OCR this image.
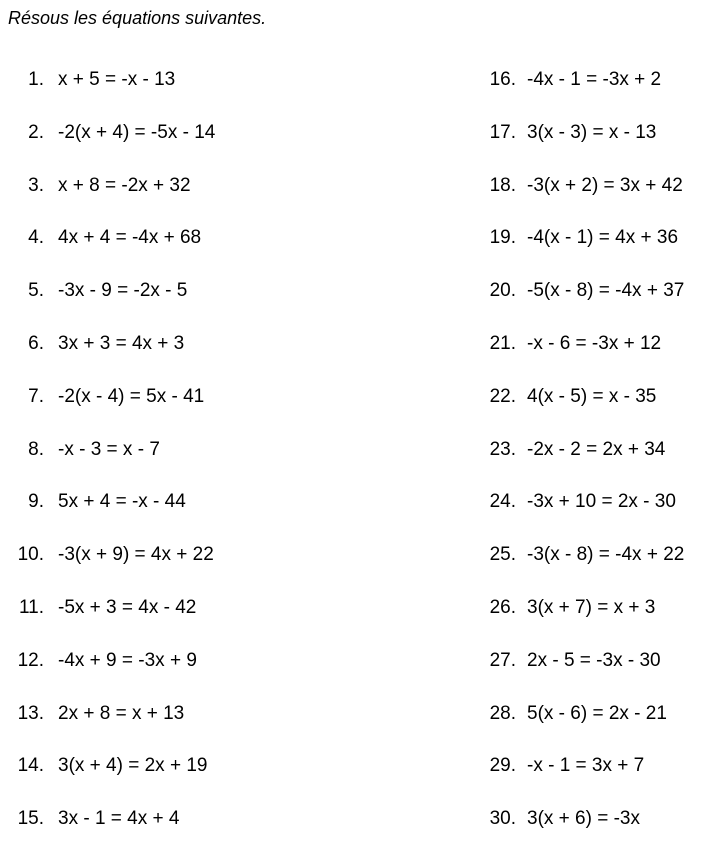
Résous les équations suivantes.
1. x + 5 = -x - 13
2. -2(x + 4) = -5x - 14
3. x + 8 = -2x + 32
4. 4x + 4 = -4x + 68
5. -3x - 9 = -2x - 5
6. 3x + 3 = 4x + 3
7. -2(x - 4) = 5x - 41
8. -x - 3 = x - 7
9. 5x + 4 = -x - 44
10. -3(x + 9) = 4x + 22
11. -5x + 3 = 4x - 42
12. -4x + 9 = -3x + 9
13. 2x + 8 = x + 13
14. 3(x + 4) = 2x + 19
15. 3x - 1 = 4x + 4
16. -4x - 1 = -3x + 2
17. 3(x - 3) = x - 13
18. -3(x + 2) = 3x + 42
19. -4(x - 1) = 4x + 36
20. -5(x - 8) = -4x + 37
21. -x - 6 = -3x + 12
22. 4(x - 5) = x - 35
23. -2x - 2 = 2x + 34
24. -3x + 10 = 2x - 30
25. -3(x - 8) = -4x + 22
26. 3(x + 7) = x + 3
27. 2x - 5 = -3x - 30
28. 5(x - 6) = 2x - 21
29. -x - 1 = 3x + 7
30. 3(x + 6) = -3x
